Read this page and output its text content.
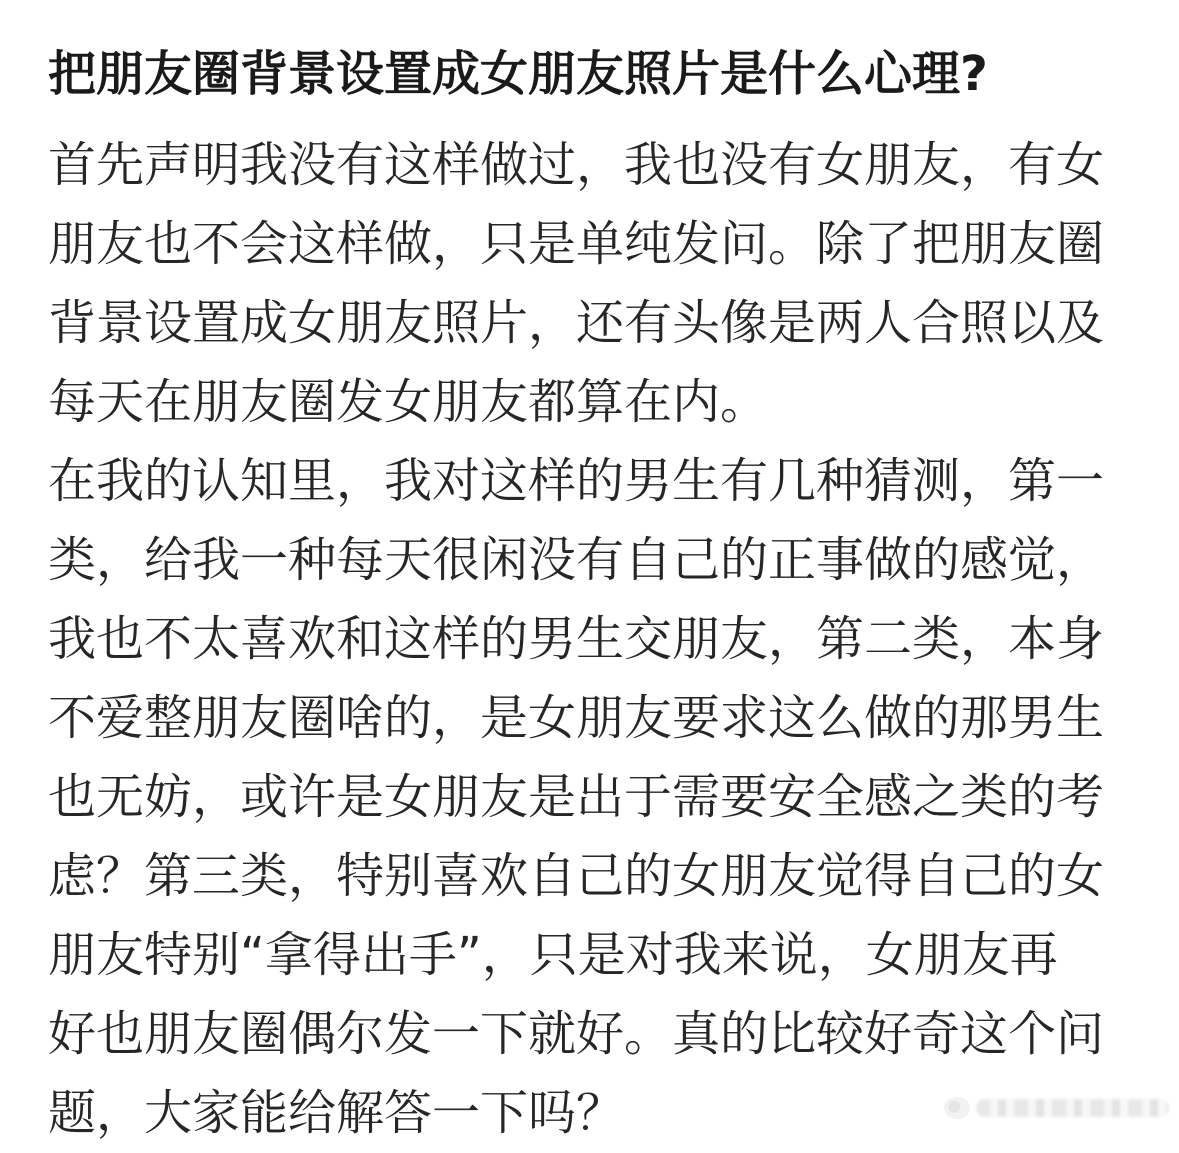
把朋友圈背景设置成女朋友照片是什么心理?
首先声明我没有这样做过，我也没有女朋友，有女
朋友也不会这样做，只是单纯发问。除了把朋友圈
背景设置成女朋友照片，还有头像是两人合照以及
每天在朋友圈发女朋友都算在内。
在我的认知里，我对这样的男生有几种猜测，第一
类，给我一种每天很闲没有自己的正事做的感觉，
我也不太喜欢和这样的男生交朋友，第二类，本身
不爱整朋友圈啥的，是女朋友要求这么做的那男生
也无妨，或许是女朋友是出于需要安全感之类的考
虑？第三类，特别喜欢自己的女朋友觉得自己的女
朋友特别“拿得出手”，只是对我来说，女朋友再
好也朋友圈偶尔发一下就好。真的比较好奇这个问
题，大家能给解答一下吗？
